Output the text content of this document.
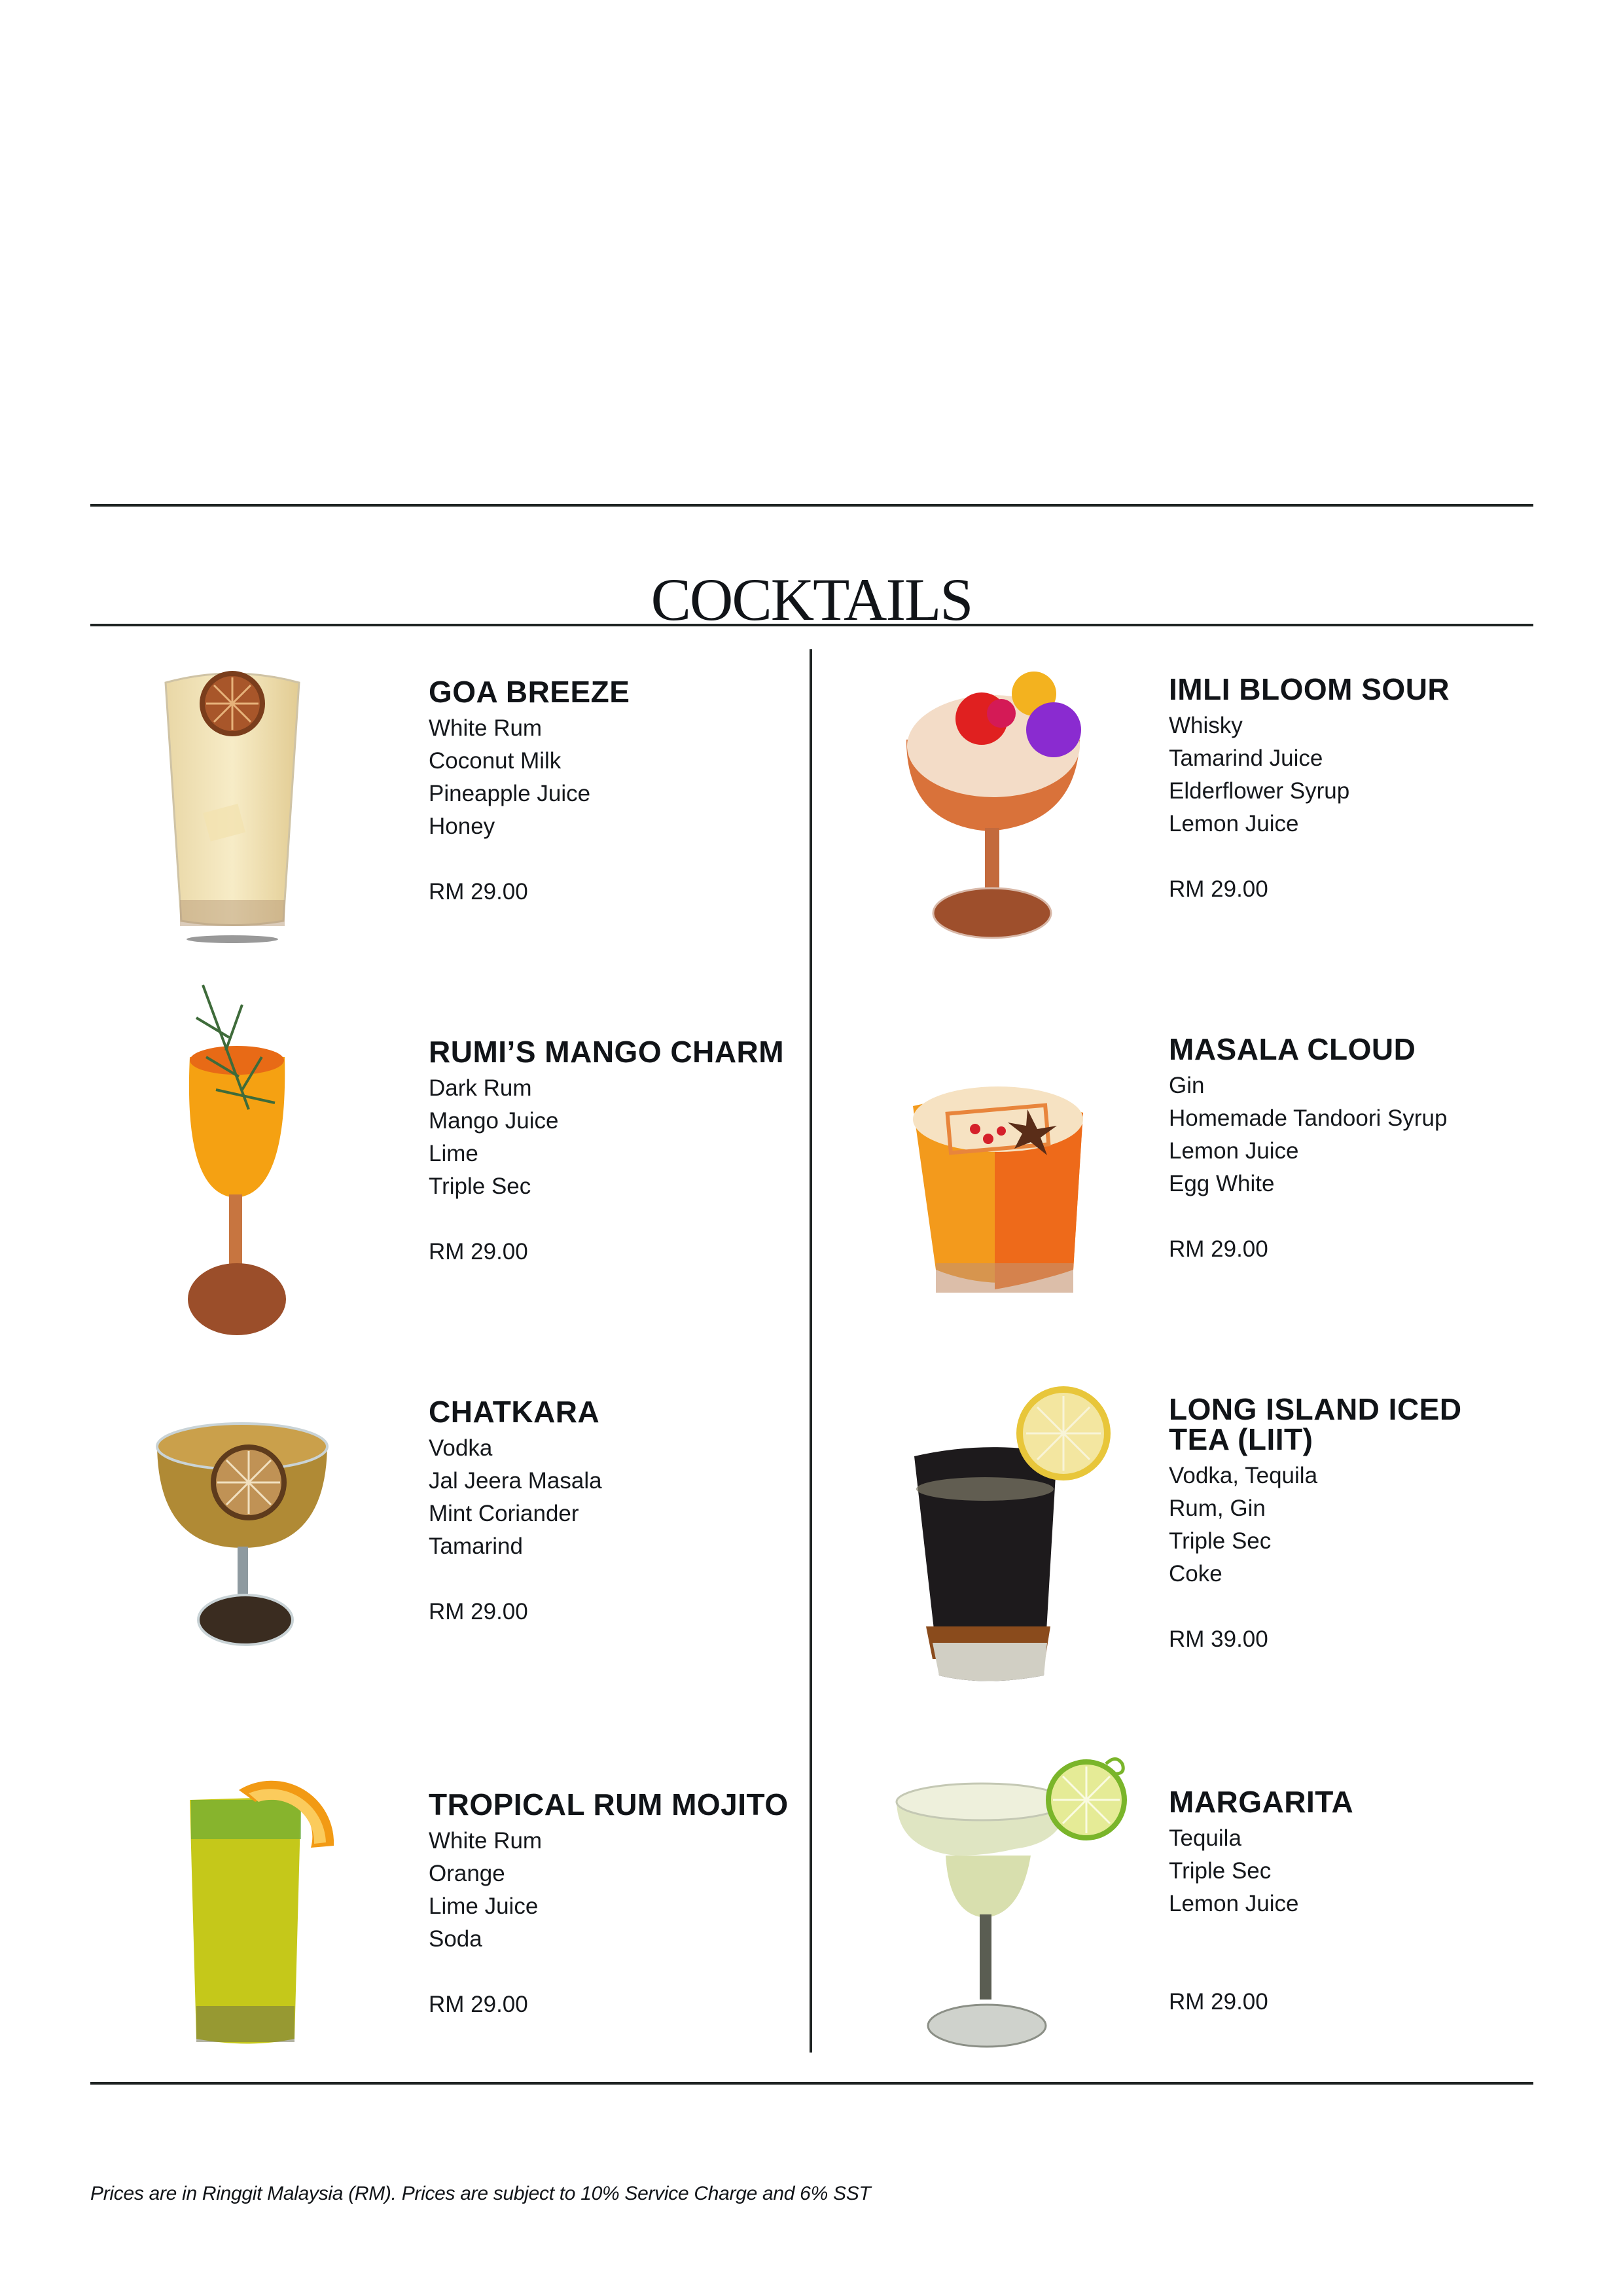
COCKTAILS
GOA BREEZE
White Rum
Coconut Milk
Pineapple Juice
Honey
RM 29.00
IMLI BLOOM SOUR
Whisky
Tamarind Juice
Elderflower Syrup
Lemon Juice
RM 29.00
RUMI’S MANGO CHARM
Dark Rum
Mango Juice
Lime
Triple Sec
RM 29.00
MASALA CLOUD
Gin
Homemade Tandoori Syrup
Lemon Juice
Egg White
RM 29.00
CHATKARA
Vodka
Jal Jeera Masala
Mint Coriander
Tamarind
RM 29.00
LONG ISLAND ICED
TEA (LIIT)
Vodka, Tequila
Rum, Gin
Triple Sec
Coke
RM 39.00
TROPICAL RUM MOJITO
White Rum
Orange
Lime Juice
Soda
RM 29.00
MARGARITA
Tequila
Triple Sec
Lemon Juice
RM 29.00
Prices are in Ringgit Malaysia (RM). Prices are subject to 10% Service Charge and 6% SST
